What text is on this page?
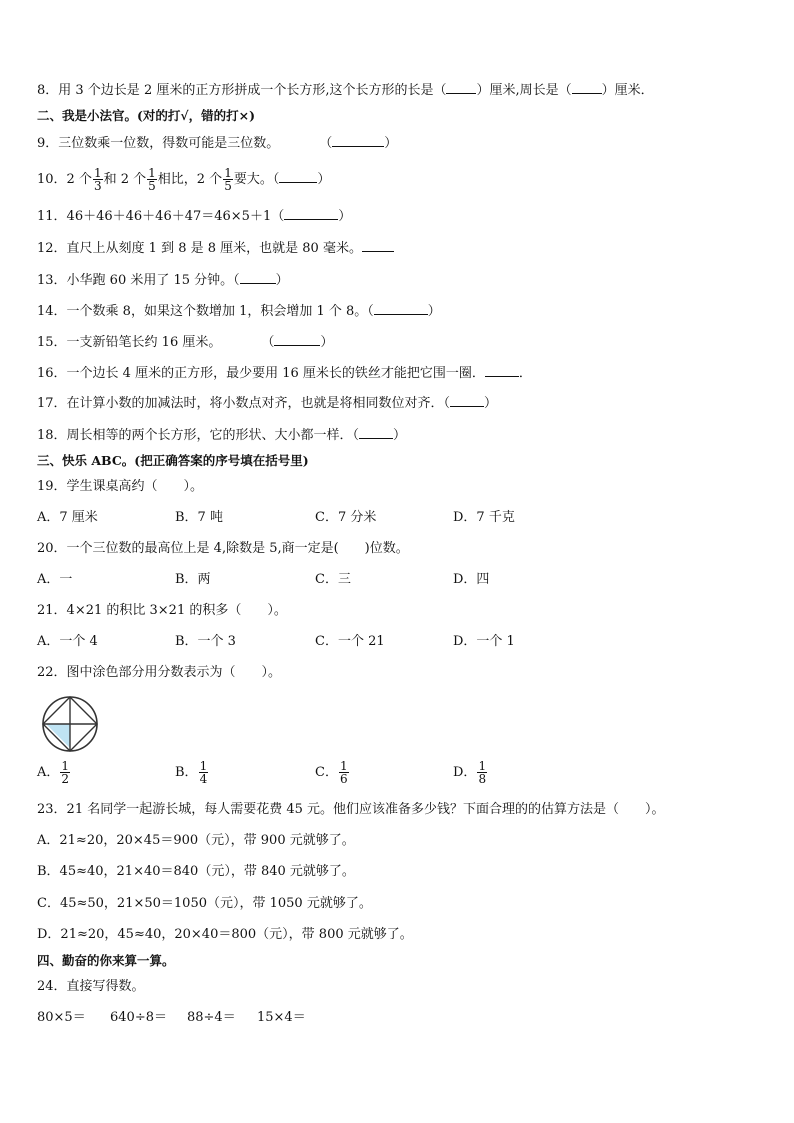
8．用 3 个边长是 2 厘米的正方形拼成一个长方形,这个长方形的长是（ ）厘米,周长是（ ）厘米．
二、我是小法官。(对的打√，错的打×)
9．三位数乘一位数，得数可能是三位数。	（	）
10．2 个 $\frac{1}{3}$ 和 2 个 $\frac{1}{5}$ 相比，2 个 $\frac{1}{5}$ 要大。（	）
11．46＋46＋46＋46＋47＝46×5＋1（	）
12．直尺上从刻度 1 到 8 是 8 厘米，也就是 80 毫米。
13．小华跑 60 米用了 15 分钟。（	）
14．一个数乘 8，如果这个数增加 1，积会增加 1 个 8。（	）
15．一支新铅笔长约 16 厘米。	（	）
16．一个边长 4 厘米的正方形，最少要用 16 厘米长的铁丝才能把它围一圈．	．
17．在计算小数的加减法时，将小数点对齐，也就是将相同数位对齐．（	）
18．周长相等的两个长方形，它的形状、大小都一样．（	）
三、快乐 ABC。(把正确答案的序号填在括号里)
19．学生课桌高约（　　）。
A．7 厘米	B．7 吨	C．7 分米	D．7 千克
20．一个三位数的最高位上是 4,除数是 5,商一定是(　　)位数。
A．一	B．两	C．三	D．四
21．4×21 的积比 3×21 的积多（　　）。
A．一个 4	B．一个 3	C．一个 21	D．一个 1
22．图中涂色部分用分数表示为（　　）。
A． $\frac{1}{2}$	B． $\frac{1}{4}$	C． $\frac{1}{6}$	D． $\frac{1}{8}$
23．21 名同学一起游长城，每人需要花费 45 元。他们应该准备多少钱？下面合理的的估算方法是（　　）。
A．21≈20，20×45＝900（元），带 900 元就够了。
B．45≈40，21×40＝840（元），带 840 元就够了。
C．45≈50，21×50＝1050（元），带 1050 元就够了。
D．21≈20，45≈40，20×40＝800（元），带 800 元就够了。
四、勤奋的你来算一算。
24．直接写得数。
80×5＝ 640÷8＝ 88÷4＝ 15×4＝
